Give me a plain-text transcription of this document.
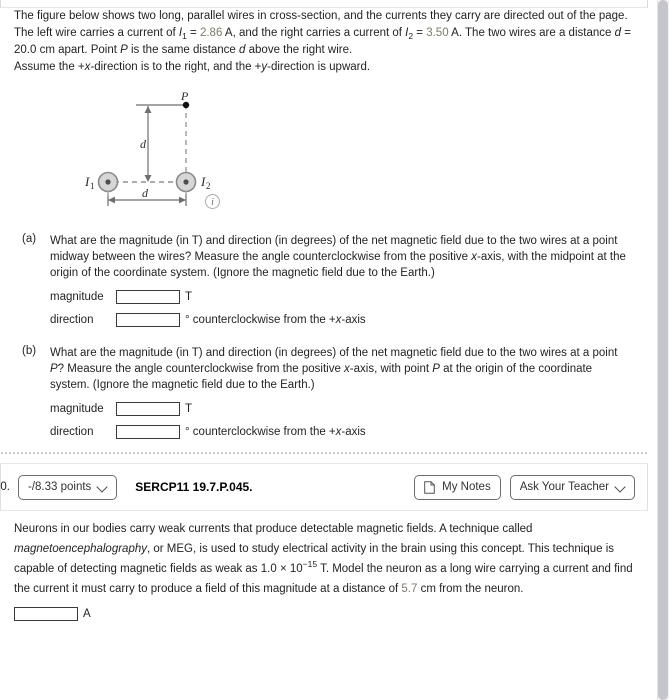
The figure below shows two long, parallel wires in cross-section, and the currents they carry are directed out of the page. The left wire carries a current of $I_1 = 2.86$ A, and the right carries a current of $I_2 = 3.50$ A. The two wires are a distance d = 20.0 cm apart. Point P is the same distance d above the right wire.

Assume the +x-direction is to the right, and the +y-direction is upward.

I 1	I 2
P
d
d
i
(a) What are the magnitude (in T) and direction (in degrees) of the net magnetic field due to the two wires at a point midway between the wires? Measure the angle counterclockwise from the positive x-axis, with the midpoint at the origin of the coordinate system. (Ignore the magnetic field due to the Earth.)
magnitude	T
direction	° counterclockwise from the +x-axis
(b) What are the magnitude (in T) and direction (in degrees) of the net magnetic field due to the two wires at a point P? Measure the angle counterclockwise from the positive x-axis, with point P at the origin of the coordinate system. (Ignore the magnetic field due to the Earth.)
magnitude	T
direction	° counterclockwise from the +x-axis
0. -/8.33 points	SERCP11 19.7.P.045.	My Notes	Ask Your Teacher

Neurons in our bodies carry weak currents that produce detectable magnetic fields. A technique called magnetoencephalography, or MEG, is used to study electrical activity in the brain using this concept. This technique is capable of detecting magnetic fields as weak as $1.0 \times 10^{-15}$ T. Model the neuron as a long wire carrying a current and find the current it must carry to produce a field of this magnitude at a distance of 5.7 cm from the neuron.

A
